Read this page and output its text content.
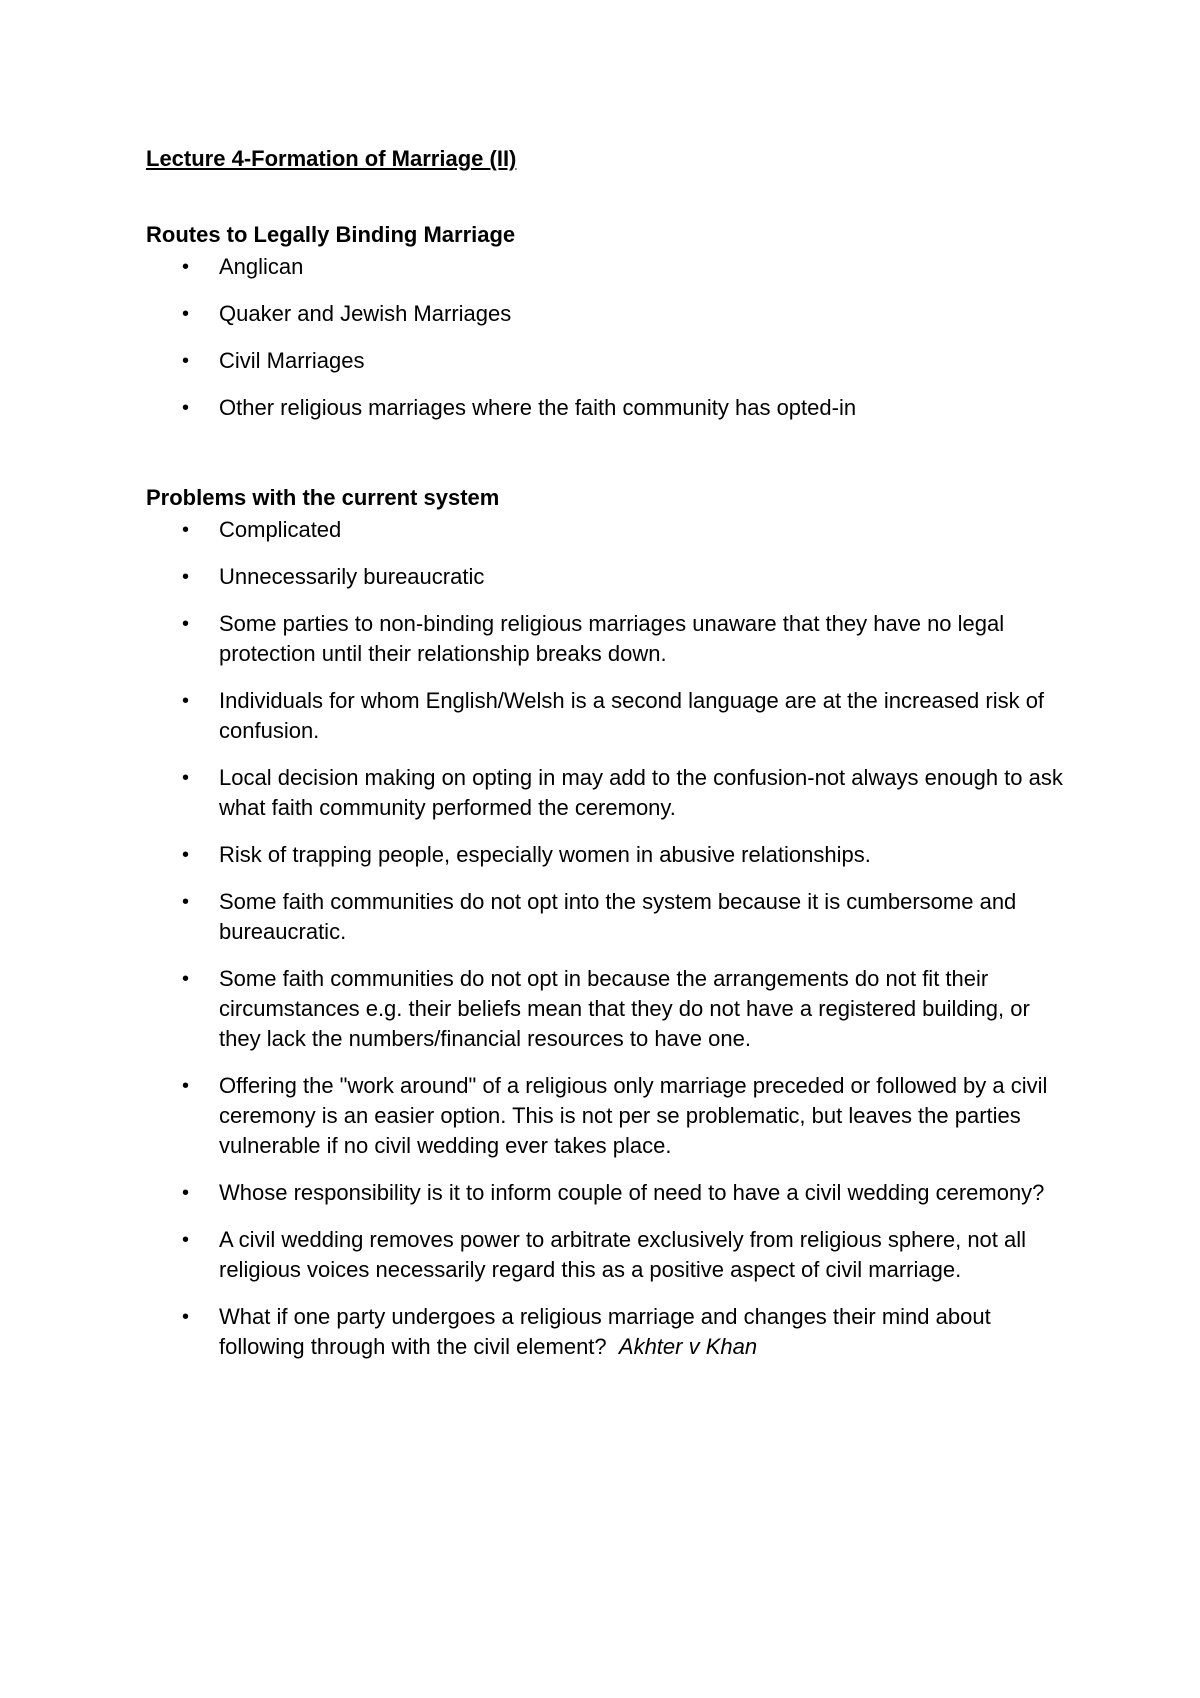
Lecture 4-Formation of Marriage (II)
Routes to Legally Binding Marriage
• Anglican
• Quaker and Jewish Marriages
• Civil Marriages
• Other religious marriages where the faith community has opted-in
Problems with the current system
• Complicated
• Unnecessarily bureaucratic
• Some parties to non-binding religious marriages unaware that they have no legal protection until their relationship breaks down.
• Individuals for whom English/Welsh is a second language are at the increased risk of confusion.
• Local decision making on opting in may add to the confusion-not always enough to ask what faith community performed the ceremony.
• Risk of trapping people, especially women in abusive relationships.
• Some faith communities do not opt into the system because it is cumbersome and bureaucratic.
• Some faith communities do not opt in because the arrangements do not fit their circumstances e.g. their beliefs mean that they do not have a registered building, or they lack the numbers/financial resources to have one.
• Offering the "work around" of a religious only marriage preceded or followed by a civil ceremony is an easier option. This is not per se problematic, but leaves the parties vulnerable if no civil wedding ever takes place.
• Whose responsibility is it to inform couple of need to have a civil wedding ceremony?
• A civil wedding removes power to arbitrate exclusively from religious sphere, not all religious voices necessarily regard this as a positive aspect of civil marriage.
• What if one party undergoes a religious marriage and changes their mind about following through with the civil element? Akhter v Khan
